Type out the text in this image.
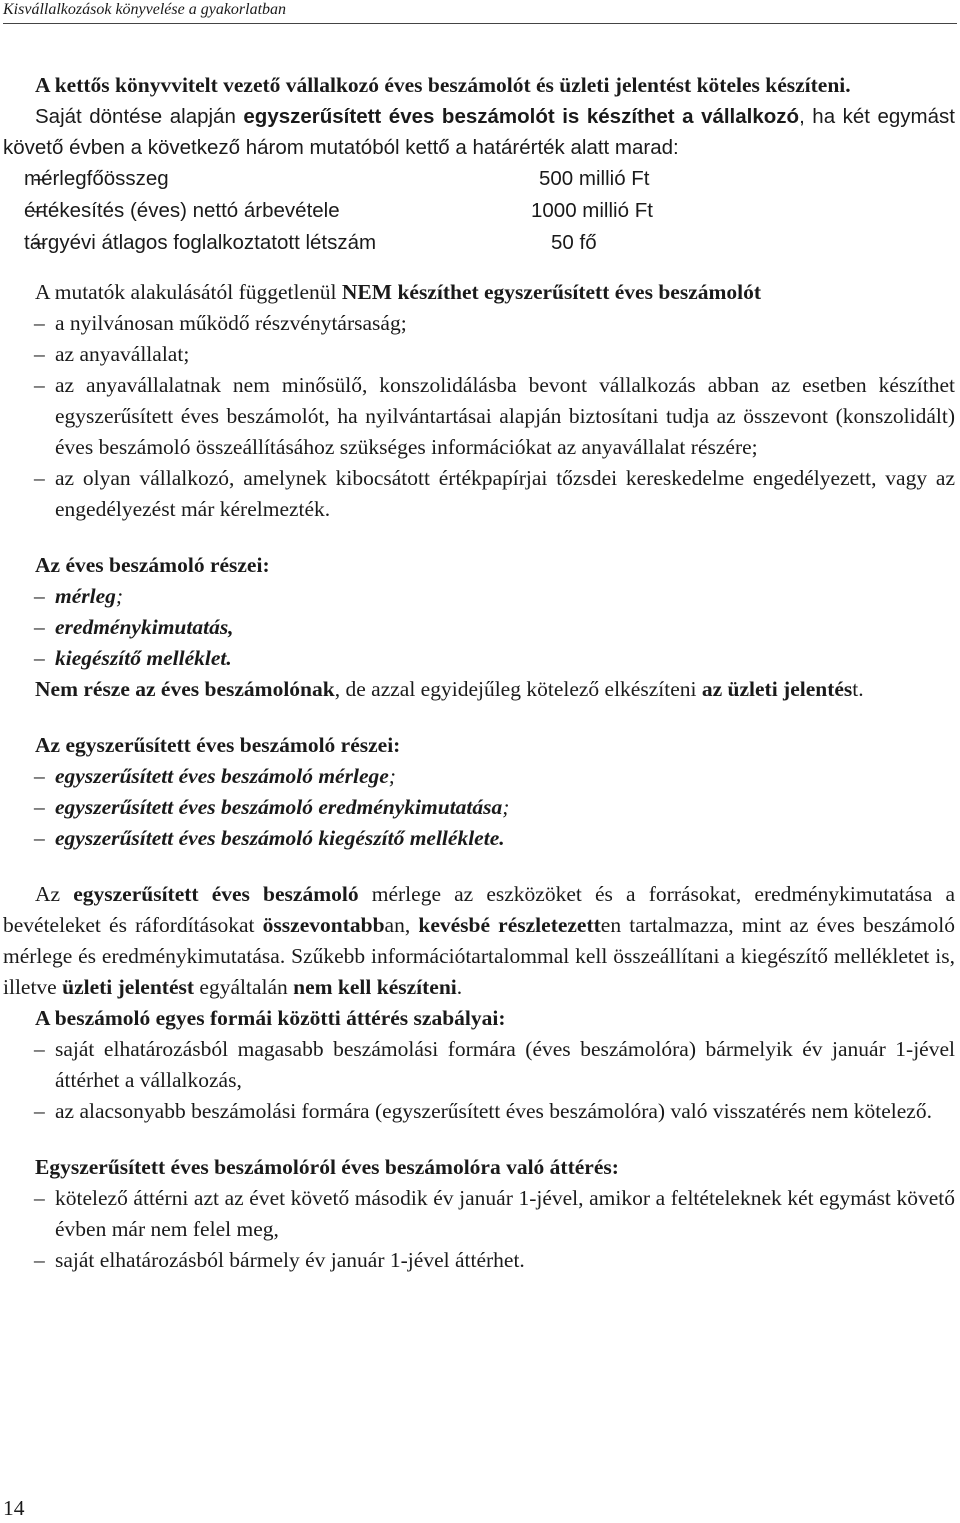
Kisvállalkozások könyvelése a gyakorlatban

A kettős könyvvitelt vezető vállalkozó éves beszámolót és üzleti jelentést köteles készíteni.

Saját döntése alapján egyszerűsített éves beszámolót is készíthet a vállalkozó, ha két egymást követő évben a következő három mutatóból kettő a határérték alatt marad:

– mérlegfőösszeg	500 millió Ft
– értékesítés (éves) nettó árbevétele	1000 millió Ft
– tárgyévi átlagos foglalkoztatott létszám	50 fő

A mutatók alakulásától függetlenül NEM készíthet egyszerűsített éves beszámolót

– a nyilvánosan működő részvénytársaság;

– az anyavállalat;

– az anyavállalatnak nem minősülő, konszolidálásba bevont vállalkozás abban az esetben készíthet egyszerűsített éves beszámolót, ha nyilvántartásai alapján biztosítani tudja az összevont (konszolidált) éves beszámoló összeállításához szükséges információkat az anyavállalat részére;

– az olyan vállalkozó, amelynek kibocsátott értékpapírjai tőzsdei kereskedelme engedélyezett, vagy az engedélyezést már kérelmezték.

Az éves beszámoló részei:

– mérleg;

– eredménykimutatás,

– kiegészítő melléklet.

Nem része az éves beszámolónak, de azzal egyidejűleg kötelező elkészíteni az üzleti jelentést.

Az egyszerűsített éves beszámoló részei:

– egyszerűsített éves beszámoló mérlege;

– egyszerűsített éves beszámoló eredménykimutatása;

– egyszerűsített éves beszámoló kiegészítő melléklete.

Az egyszerűsített éves beszámoló mérlege az eszközöket és a forrásokat, eredménykimutatása a bevételeket és ráfordításokat összevontabban, kevésbé részletezetten tartalmazza, mint az éves beszámoló mérlege és eredménykimutatása. Szűkebb információtartalommal kell összeállítani a kiegészítő mellékletet is, illetve üzleti jelentést egyáltalán nem kell készíteni.

A beszámoló egyes formái közötti áttérés szabályai:

– saját elhatározásból magasabb beszámolási formára (éves beszámolóra) bármelyik év január 1-jével áttérhet a vállalkozás,

– az alacsonyabb beszámolási formára (egyszerűsített éves beszámolóra) való visszatérés nem kötelező.

Egyszerűsített éves beszámolóról éves beszámolóra való áttérés:

– kötelező áttérni azt az évet követő második év január 1-jével, amikor a feltételeknek két egymást követő évben már nem felel meg,

– saját elhatározásból bármely év január 1-jével áttérhet.

14
